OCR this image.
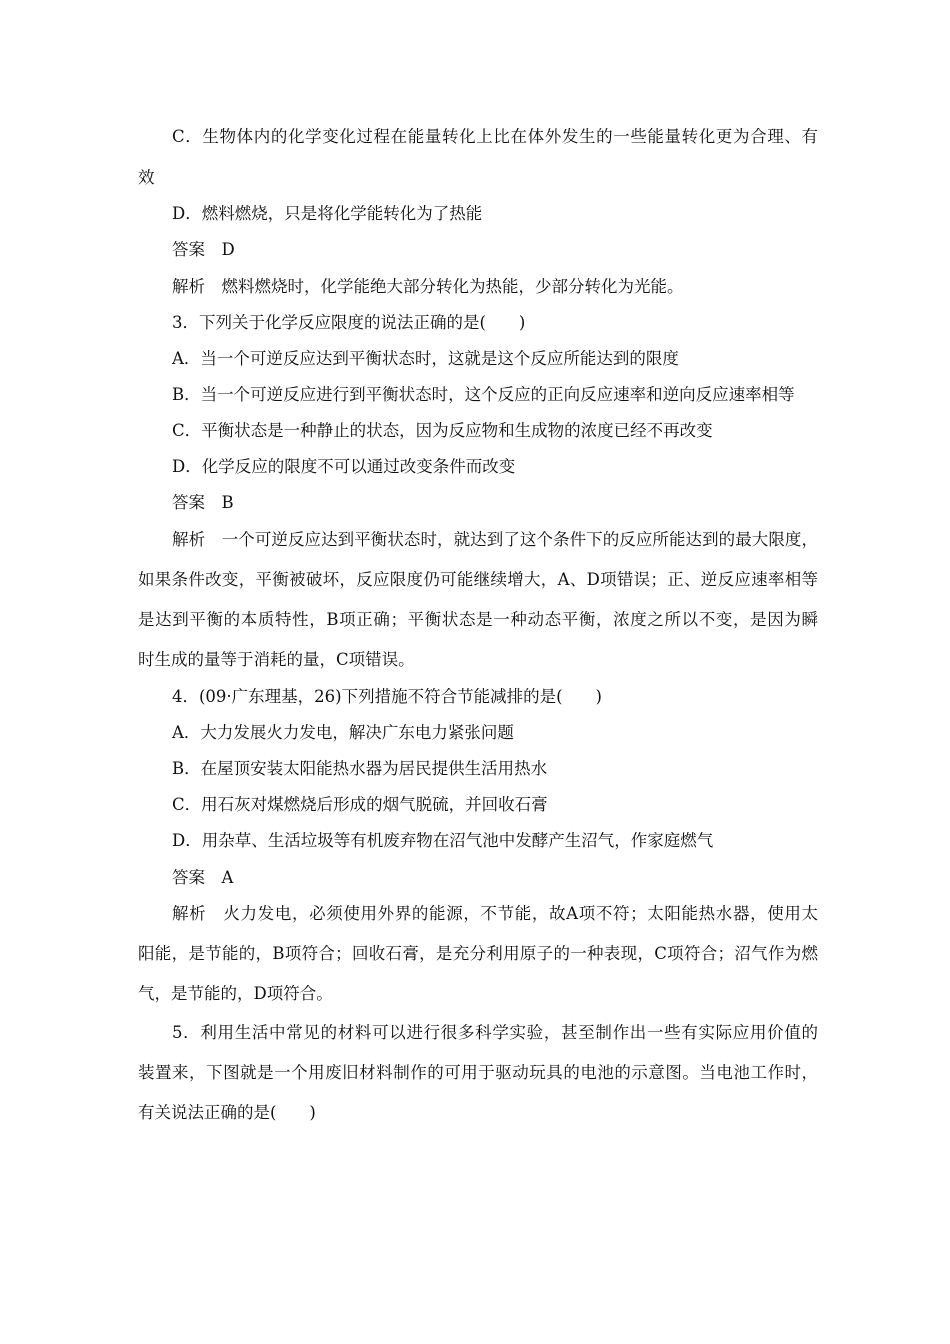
C．生物体内的化学变化过程在能量转化上比在体外发生的一些能量转化更为合理、有
效
D．燃料燃烧，只是将化学能转化为了热能
答案　D
解析　燃料燃烧时，化学能绝大部分转化为热能，少部分转化为光能。
3．下列关于化学反应限度的说法正确的是(　　)
A．当一个可逆反应达到平衡状态时，这就是这个反应所能达到的限度
B．当一个可逆反应进行到平衡状态时，这个反应的正向反应速率和逆向反应速率相等
C．平衡状态是一种静止的状态，因为反应物和生成物的浓度已经不再改变
D．化学反应的限度不可以通过改变条件而改变
答案　B
解析　一个可逆反应达到平衡状态时，就达到了这个条件下的反应所能达到的最大限度，
如果条件改变，平衡被破坏，反应限度仍可能继续增大，A、D项错误；正、逆反应速率相等
是达到平衡的本质特性，B项正确；平衡状态是一种动态平衡，浓度之所以不变，是因为瞬
时生成的量等于消耗的量，C项错误。
4．(09·广东理基，26)下列措施不符合节能减排的是(　　)
A．大力发展火力发电，解决广东电力紧张问题
B．在屋顶安装太阳能热水器为居民提供生活用热水
C．用石灰对煤燃烧后形成的烟气脱硫，并回收石膏
D．用杂草、生活垃圾等有机废弃物在沼气池中发酵产生沼气，作家庭燃气
答案　A
解析　火力发电，必须使用外界的能源，不节能，故A项不符；太阳能热水器，使用太
阳能，是节能的，B项符合；回收石膏，是充分利用原子的一种表现，C项符合；沼气作为燃
气，是节能的，D项符合。
5．利用生活中常见的材料可以进行很多科学实验，甚至制作出一些有实际应用价值的
装置来，下图就是一个用废旧材料制作的可用于驱动玩具的电池的示意图。当电池工作时，
有关说法正确的是(　　)
